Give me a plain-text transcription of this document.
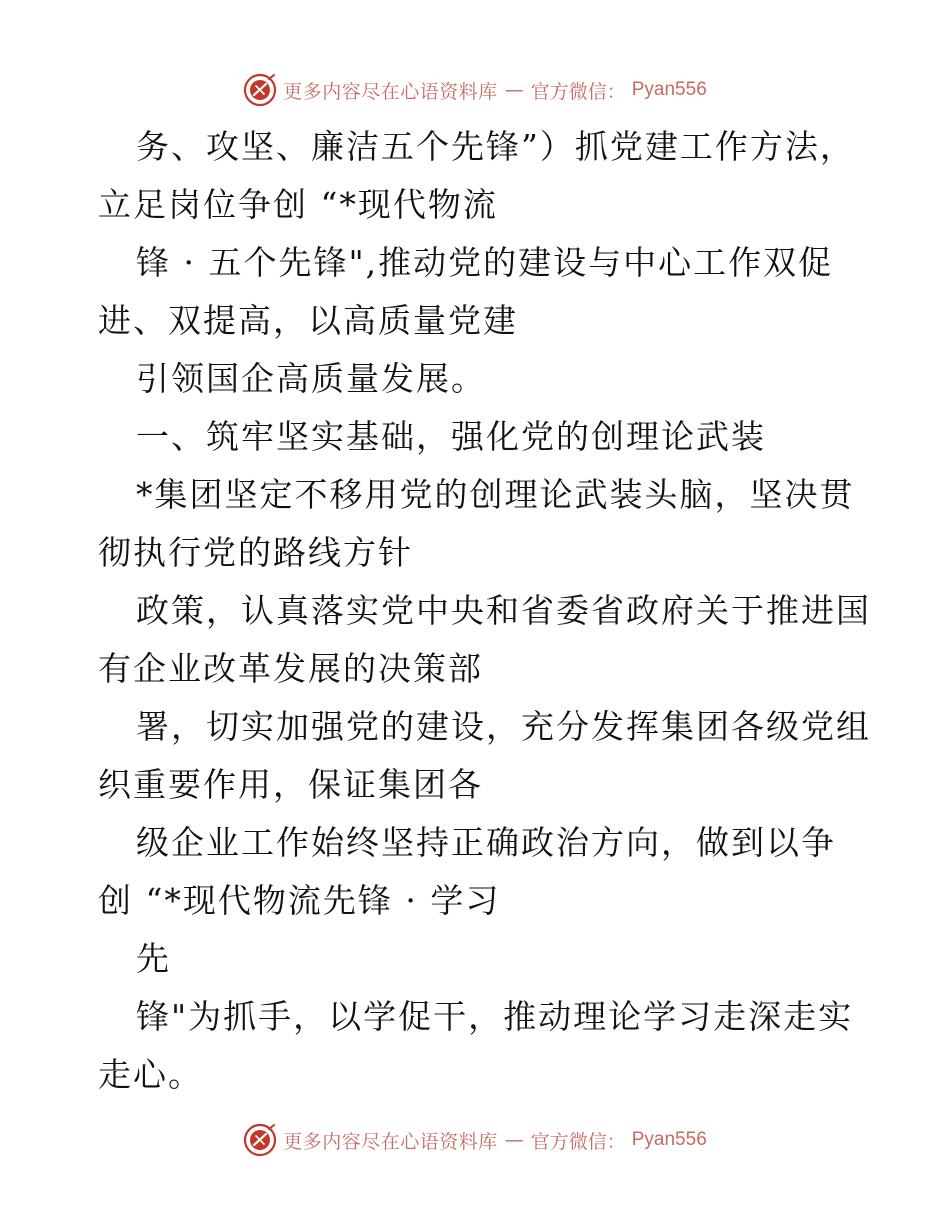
更多内容尽在心语资料库 — 官方微信： Pyan556
务、攻坚、廉洁五个先锋”）抓党建工作方法，
立足岗位争创 “*现代物流
锋 · 五个先锋",推动党的建设与中心工作双促
进、双提高，以高质量党建
引领国企高质量发展。
一、筑牢坚实基础，强化党的创理论武装
*集团坚定不移用党的创理论武装头脑，坚决贯
彻执行党的路线方针
政策，认真落实党中央和省委省政府关于推进国
有企业改革发展的决策部
署，切实加强党的建设，充分发挥集团各级党组
织重要作用，保证集团各
级企业工作始终坚持正确政治方向，做到以争
创 “*现代物流先锋 · 学习
先
锋"为抓手，以学促干，推动理论学习走深走实
走心。
更多内容尽在心语资料库 — 官方微信： Pyan556
